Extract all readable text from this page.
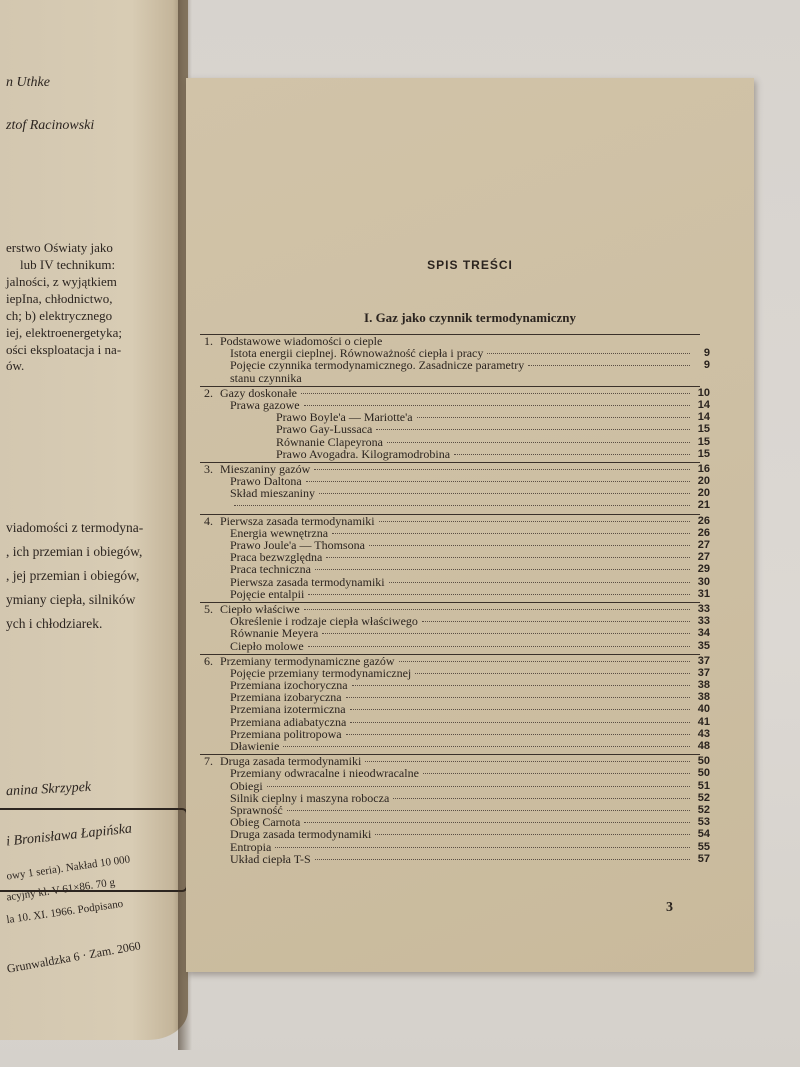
n Uthke
ztof Racinowski
erstwo Oświaty jako
lub IV technikum:
jalności, z wyjątkiem
iepIna, chłodnictwo,
ch; b) elektrycznego
iej, elektroenergetyka;
ości eksploatacja i na-
ów.
viadomości z termodyna-
, ich przemian i obiegów,
, jej przemian i obiegów,
ymiany ciepła, silników
ych i chłodziarek.
anina Skrzypek
i Bronisława Łapińska
owy 1 seria). Nakład 10 000
acyjny kl. V 61×86. 70 g
la 10. XI. 1966. Podpisano
Grunwaldzka 6 · Zam. 2060
SPIS TREŚCI
I. Gaz jako czynnik termodynamiczny
1. Podstawowe wiadomości o cieple
Istota energii cieplnej. Równoważność ciepła i pracy	9
Pojęcie czynnika termodynamicznego. Zasadnicze parametry	9
stanu czynnika
2. Gazy doskonałe	10
Prawa gazowe	14
Prawo Boyle'a — Mariotte'a	14
Prawo Gay-Lussaca	15
Równanie Clapeyrona	15
Prawo Avogadra. Kilogramodrobina	15
3. Mieszaniny gazów	16
Prawo Daltona	20
Skład mieszaniny	20
21
4. Pierwsza zasada termodynamiki	26
Energia wewnętrzna	26
Prawo Joule'a — Thomsona	27
Praca bezwzględna	27
Praca techniczna	29
Pierwsza zasada termodynamiki	30
Pojęcie entalpii	31
5. Ciepło właściwe	33
Określenie i rodzaje ciepła właściwego	33
Równanie Meyera	34
Ciepło molowe	35
6. Przemiany termodynamiczne gazów	37
Pojęcie przemiany termodynamicznej	37
Przemiana izochoryczna	38
Przemiana izobaryczna	38
Przemiana izotermiczna	40
Przemiana adiabatyczna	41
Przemiana politropowa	43
Dławienie	48
7. Druga zasada termodynamiki	50
Przemiany odwracalne i nieodwracalne	50
Obiegi	51
Silnik cieplny i maszyna robocza	52
Sprawność	52
Obieg Carnota	53
Druga zasada termodynamiki	54
Entropia	55
Układ ciepła T-S	57
3
